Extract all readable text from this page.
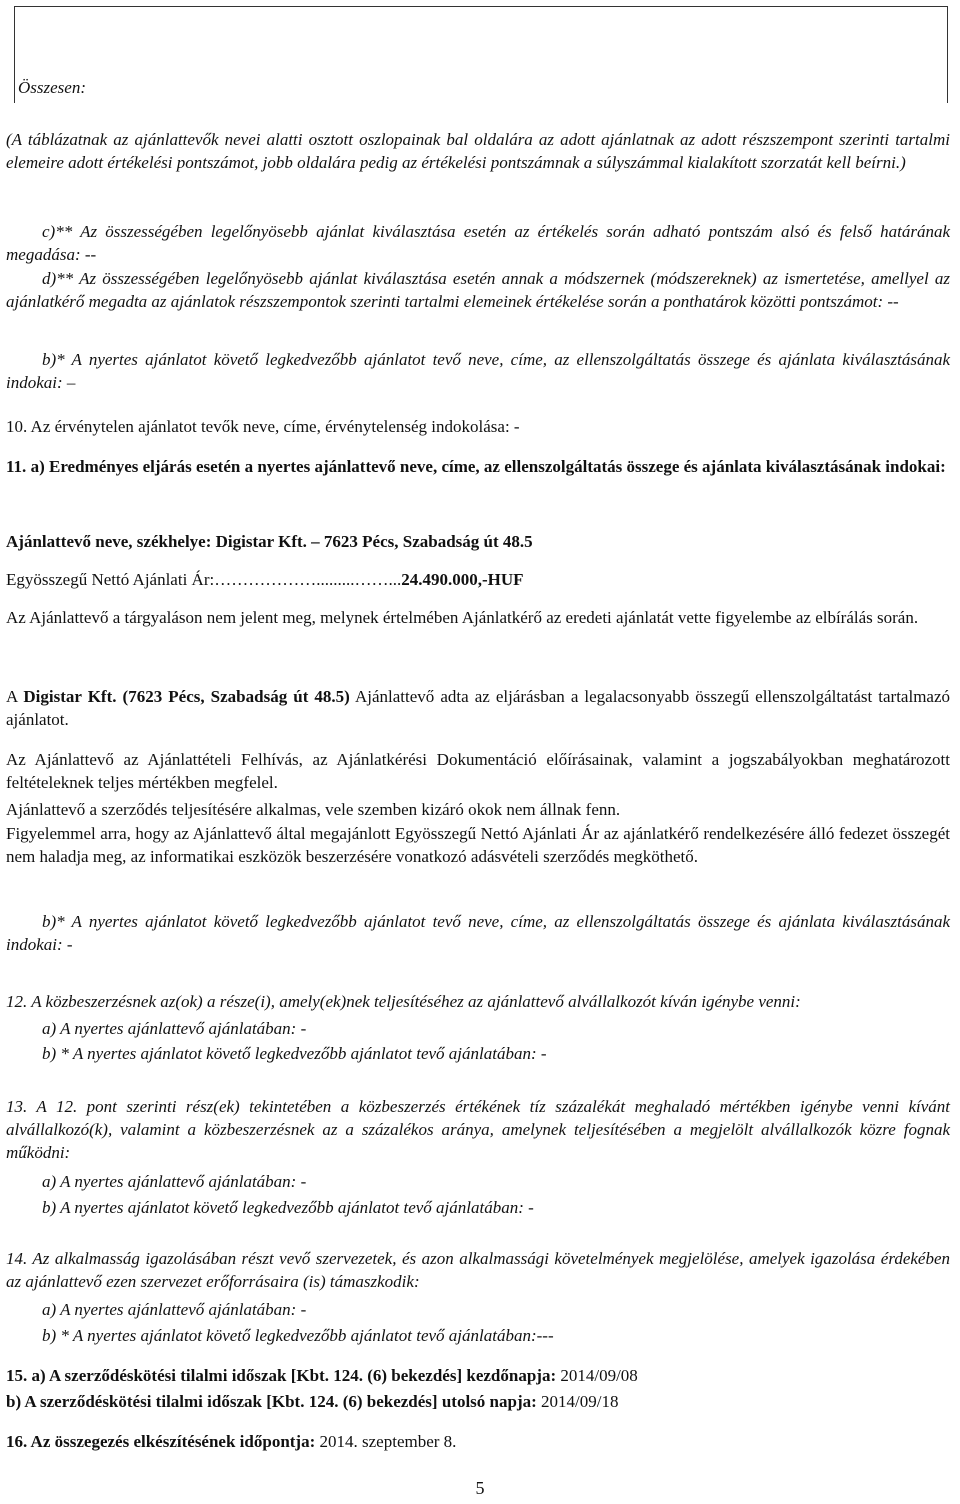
Összesen:
(A táblázatnak az ajánlattevők nevei alatti osztott oszlopainak bal oldalára az adott ajánlatnak az adott részszempont szerinti tartalmi elemeire adott értékelési pontszámot, jobb oldalára pedig az értékelési pontszámnak a súlyszámmal kialakított szorzatát kell beírni.)
c)** Az összességében legelőnyösebb ajánlat kiválasztása esetén az értékelés során adható pontszám alsó és felső határának megadása: --
d)** Az összességében legelőnyösebb ajánlat kiválasztása esetén annak a módszernek (módszereknek) az ismertetése, amellyel az ajánlatkérő megadta az ajánlatok részszempontok szerinti tartalmi elemeinek értékelése során a ponthatárok közötti pontszámot: --
b)* A nyertes ajánlatot követő legkedvezőbb ajánlatot tevő neve, címe, az ellenszolgáltatás összege és ajánlata kiválasztásának indokai: –
10. Az érvénytelen ajánlatot tevők neve, címe, érvénytelenség indokolása: -
11. a) Eredményes eljárás esetén a nyertes ajánlattevő neve, címe, az ellenszolgáltatás összege és ajánlata kiválasztásának indokai:
Ajánlattevő neve, székhelye: Digistar Kft. – 7623 Pécs, Szabadság út 48.5
Egyösszegű Nettó Ajánlati Ár:……………….........……...24.490.000,-HUF
Az Ajánlattevő a tárgyaláson nem jelent meg, melynek értelmében Ajánlatkérő az eredeti ajánlatát vette figyelembe az elbírálás során.
A Digistar Kft. (7623 Pécs, Szabadság út 48.5) Ajánlattevő adta az eljárásban a legalacsonyabb összegű ellenszolgáltatást tartalmazó ajánlatot.
Az Ajánlattevő az Ajánlattételi Felhívás, az Ajánlatkérési Dokumentáció előírásainak, valamint a jogszabályokban meghatározott feltételeknek teljes mértékben megfelel.
Ajánlattevő a szerződés teljesítésére alkalmas, vele szemben kizáró okok nem állnak fenn.
Figyelemmel arra, hogy az Ajánlattevő által megajánlott Egyösszegű Nettó Ajánlati Ár az ajánlatkérő rendelkezésére álló fedezet összegét nem haladja meg, az informatikai eszközök beszerzésére vonatkozó adásvételi szerződés megköthető.
b)* A nyertes ajánlatot követő legkedvezőbb ajánlatot tevő neve, címe, az ellenszolgáltatás összege és ajánlata kiválasztásának indokai: -
12. A közbeszerzésnek az(ok) a része(i), amely(ek)nek teljesítéséhez az ajánlattevő alvállalkozót kíván igénybe venni:
a) A nyertes ajánlattevő ajánlatában: -
b) * A nyertes ajánlatot követő legkedvezőbb ajánlatot tevő ajánlatában: -
13. A 12. pont szerinti rész(ek) tekintetében a közbeszerzés értékének tíz százalékát meghaladó mértékben igénybe venni kívánt alvállalkozó(k), valamint a közbeszerzésnek az a százalékos aránya, amelynek teljesítésében a megjelölt alvállalkozók közre fognak működni:
a) A nyertes ajánlattevő ajánlatában: -
b) A nyertes ajánlatot követő legkedvezőbb ajánlatot tevő ajánlatában: -
14. Az alkalmasság igazolásában részt vevő szervezetek, és azon alkalmassági követelmények megjelölése, amelyek igazolása érdekében az ajánlattevő ezen szervezet erőforrásaira (is) támaszkodik:
a) A nyertes ajánlattevő ajánlatában: -
b) * A nyertes ajánlatot követő legkedvezőbb ajánlatot tevő ajánlatában:---
15. a) A szerződéskötési tilalmi időszak [Kbt. 124. (6) bekezdés] kezdőnapja: 2014/09/08
b) A szerződéskötési tilalmi időszak [Kbt. 124. (6) bekezdés] utolsó napja: 2014/09/18
16. Az összegezés elkészítésének időpontja: 2014. szeptember 8.
5
